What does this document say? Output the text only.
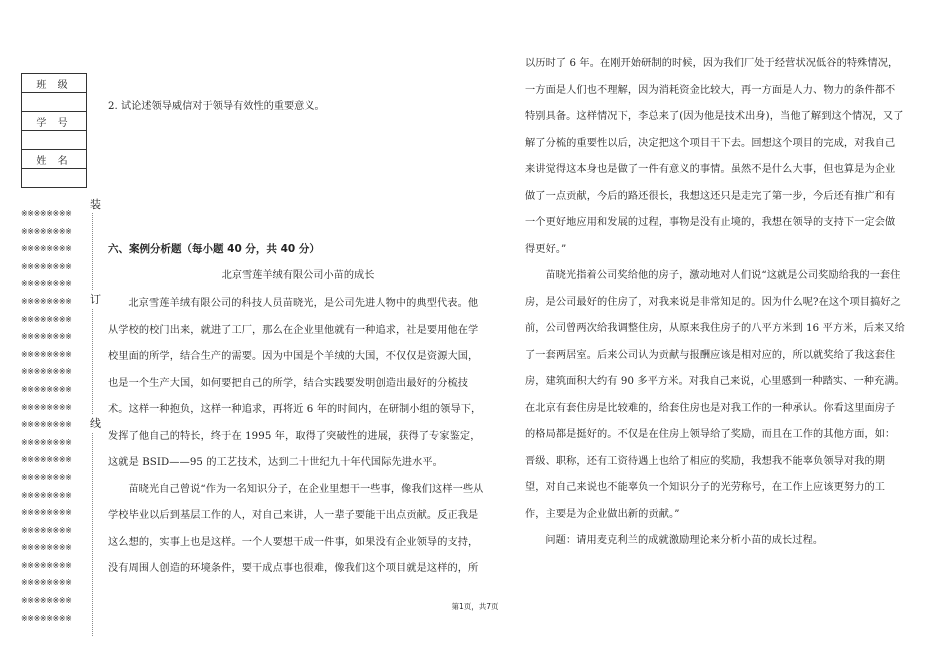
班 级

学 号

姓 名

※※※※※※※※
※※※※※※※※
※※※※※※※※
※※※※※※※※
※※※※※※※※
※※※※※※※※
※※※※※※※※
※※※※※※※※
※※※※※※※※
※※※※※※※※
※※※※※※※※
※※※※※※※※
※※※※※※※※
※※※※※※※※
※※※※※※※※
※※※※※※※※
※※※※※※※※
※※※※※※※※
※※※※※※※※
※※※※※※※※
※※※※※※※※
※※※※※※※※
※※※※※※※※
※※※※※※※※
装
订
线
2. 试论述领导威信对于领导有效性的重要意义。
六、案例分析题（每小题 40 分，共 40 分）
北京雪莲羊绒有限公司小苗的成长

北京雪莲羊绒有限公司的科技人员苗晓光，是公司先进人物中的典型代表。他从学校的校门出来，就进了工厂，那么在企业里他就有一种追求，社是要用他在学校里面的所学，结合生产的需要。因为中国是个羊绒的大国，不仅仅是资源大国，也是一个生产大国，如何要把自己的所学，结合实践要发明创造出最好的分梳技术。这样一种抱负，这样一种追求，再将近 6 年的时间内，在研制小组的领导下，发挥了他自己的特长，终于在 1995 年，取得了突破性的进展，获得了专家鉴定，这就是 BSID——95 的工艺技术，达到二十世纪九十年代国际先进水平。

苗晓光自己曾说“作为一名知识分子，在企业里想干一些事，像我们这样一些从学校毕业以后到基层工作的人，对自己来讲，人一辈子要能干出点贡献。反正我是这么想的，实事上也是这样。一个人要想干成一件事，如果没有企业领导的支持，没有周围人创造的环境条件，要干成点事也很难，像我们这个项目就是这样的，所

以历时了 6 年。在刚开始研制的时候，因为我们厂处于经营状况低谷的特殊情况，一方面是人们也不理解，因为消耗资金比较大，再一方面是人力、物力的条件都不特别具备。这样情况下，李总来了(因为他是技术出身)，当他了解到这个情况，又了解了分梳的重要性以后，决定把这个项目干下去。回想这个项目的完成，对我自己来讲觉得这本身也是做了一件有意义的事情。虽然不是什么大事，但也算是为企业做了一点贡献，今后的路还很长，我想这还只是走完了第一步，今后还有推广和有一个更好地应用和发展的过程，事物是没有止境的，我想在领导的支持下一定会做得更好。”

苗晓光指着公司奖给他的房子，激动地对人们说“这就是公司奖励给我的一套住房，是公司最好的住房了，对我来说是非常知足的。因为什么呢?在这个项目搞好之前，公司曾两次给我调整住房，从原来我住房子的八平方米到 16 平方米，后来又给了一套两居室。后来公司认为贡献与报酬应该是相对应的，所以就奖给了我这套住房，建筑面积大约有 90 多平方米。对我自己来说，心里感到一种踏实、一种充满。在北京有套住房是比较难的，给套住房也是对我工作的一种承认。你看这里面房子的格局都是挺好的。不仅是在住房上领导给了奖励，而且在工作的其他方面，如：晋级、职称，还有工资待遇上也给了相应的奖励，我想我不能辜负领导对我的期望，对自己来说也不能辜负一个知识分子的光劳称号，在工作上应该更努力的工作，主要是为企业做出新的贡献。”

问题：请用麦克利兰的成就激励理论来分析小苗的成长过程。

第1页，共7页
